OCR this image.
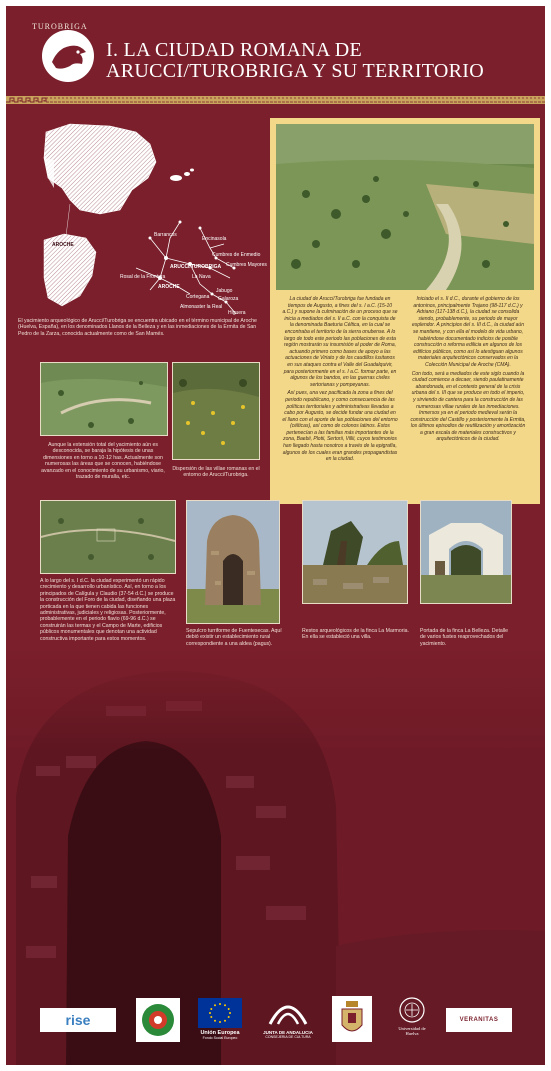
TUROBRIGA
I. LA CIUDAD ROMANA DE
ARUCCI/TUROBRIGA Y SU TERRITORIO
AROCHE
Barrancos
Encinasola
ARUCCI/TUROBRIGA
AROCHE
La Nava
Rosal de la Frontera
Cortegana
Jabugo
Galaroza
Almonaster la Real
Cumbres de Enmedio
Cumbres Mayores
Higuera
El yacimiento arqueológico de Arucci/Turobriga se encuentra ubicado en el término municipal de Aroche (Huelva, España), en los denominados Llanos de la Belleza y en las inmediaciones de la Ermita de San Pedro de la Zarza, conocida actualmente como de San Mamés.

La ciudad de Arucci/Turobriga fue fundada en tiempos de Augusto, a fines del s. I a.C. (15-10 a.C.) y supone la culminación de un proceso que se inicia a mediados del s. II a.C. con la conquista de la denominada Baeturia Céltica, en la cual se encontraba el territorio de la sierra onubense. A lo largo de todo este periodo las poblaciones de esta región mostrarán su insumisión al poder de Roma, actuando primero como bases de apoyo a las actuaciones de Viriato y de los caudillos lusitanos en sus ataques contra el Valle del Guadalquivir, para posteriormente en el s. I a.C. formar parte, en algunos de los bandos, en las guerras civiles sertorianas y pompeyanas.

Así pues, una vez pacificada la zona a fines del periodo republicano, y como consecuencia de las políticas territoriales y administrativas llevadas a cabo por Augusto, se decide fundar una ciudad en el llano con el aporte de las poblaciones del entorno (célticas), así como de colonos latinos. Estos pertenecían a las familias más importantes de la zona, Baebii, Plotii, Sertorii, Villii, cuyos testimonios han llegado hasta nosotros a través de la epigrafía, algunos de los cuales eran grandes propagandistas en la ciudad.

Iniciado el s. II d.C., durante el gobierno de los antoninos, principalmente Trajano (98-117 d.C.) y Adriano (117-138 d.C.), la ciudad se consolida siendo, probablemente, su periodo de mayor esplendor. A principios del s. III d.C., la ciudad aún se mantiene, y con ella el modelo de vida urbano, habiéndose documentado indicios de posible construcción o reforma edilicia en algunos de los edificios públicos, como así lo atestiguan algunos materiales arquitectónicos conservados en la Colección Municipal de Aroche (CMA).

Con todo, será a mediados de este siglo cuando la ciudad comience a decaer, siendo paulatinamente abandonada, en el contexto general de la crisis urbana del s. III que se produce en todo el imperio, y sirviendo de cantera para la construcción de las numerosas villae rurales de las inmediaciones. Inmersos ya en el periodo medieval serán la construcción del Castillo y posteriormente la Ermita, los últimos episodios de reutilización y amortización a gran escala de materiales constructivos y arquitectónicos de la ciudad.

Aunque la extensión total del yacimiento aún es desconocida, se baraja la hipótesis de unas dimensiones en torno a 10-12 has. Actualmente son numerosas las áreas que se conocen, habiéndose avanzado en el conocimiento de su urbanismo, viario, trazado de muralla, etc.
Dispersión de las villae romanas en el entorno de Arucci/Turobriga.
A lo largo del s. I d.C. la ciudad experimentó un rápido crecimiento y desarrollo urbanístico. Así, en torno a los principados de Calígula y Claudio (37-54 d.C.) se produce la construcción del Foro de la ciudad, diseñando una plaza porticada en la que tienen cabida las funciones administrativas, judiciales y religiosas. Posteriormente, probablemente en el periodo flavio (69-96 d.C.) se construirán las termas y el Campo de Marte, edificios públicos monumentales que denotan una actividad constructiva importante para estos momentos.
Sepulcro turriforme de Fuentesecas. Aquí debió existir un establecimiento rural correspondiente a una aldea (pagus).
Restos arqueológicos de la finca La Marmoria. En ella se estableció una villa.
Portada de la finca La Belleza. Detalle de varios fustes reaprovechados del yacimiento.
rise
Unión Europea
Fondo Social Europeo
JUNTA DE ANDALUCIA
CONSEJERIA DE CULTURA
Universidad de Huelva
VERANITAS
